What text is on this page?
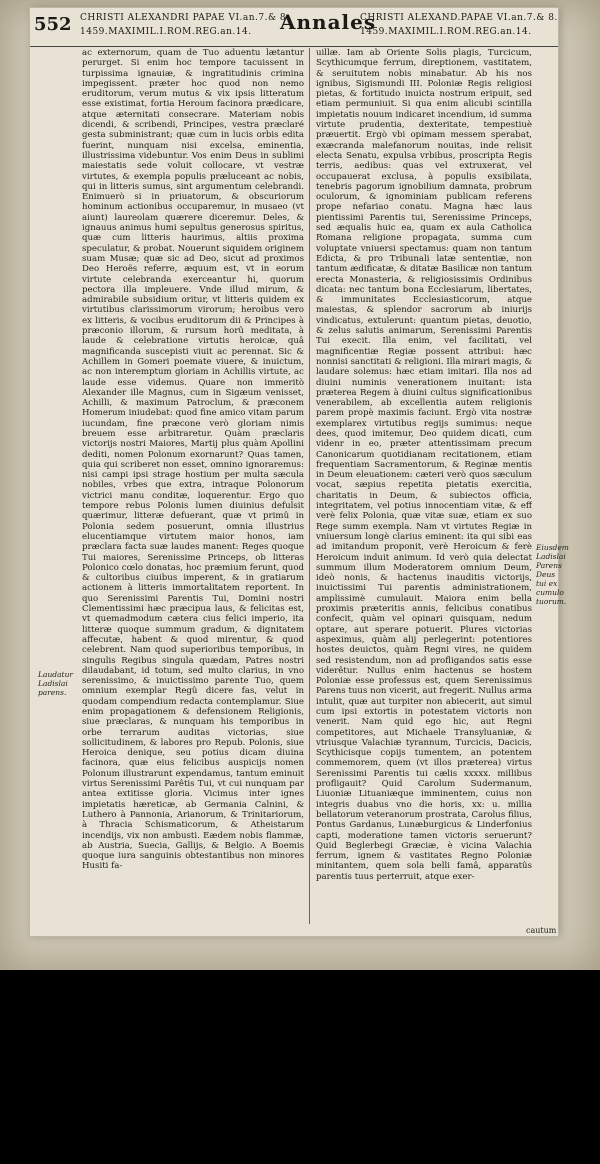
552 CHRISTI ALEXANDRI PAPAE VI.an.7.& 8.
1459.MAXIMIL.I.ROM.REG.an.14.	Annales
CHRISTI ALEXAND.PAPAE VI.an.7.& 8.
1459.MAXIMIL.I.ROM.REG.an.14.
Laudatur Ladislai parens.

ac externorum, quam de Tuo aduentu lætantur perurget. Si enim hoc tempore tacuissent in turpissima ignauiæ, & ingratitudinis crimina impegissent. præter hoc quod non nemo eruditorum, verum mutus & vix ipsis litteratum esse existimat, fortia Heroum facinora prædicare, atque æternitati consecrare. Materiam nobis dicendi, & scribendi, Principes, vestra præclaré gesta subministrant; quæ cum in lucis orbis edita fuerint, nunquam nisi excelsa, eminentia, illustrissima videbuntur. Vos enim Deus in sublimi maiestatis sede voluit collocare, vt vestræ virtutes, & exempla populis præluceant ac nobis, qui in litteris sumus, sint argumentum celebrandi. Enimuerò si in priuatorum, & obscuriorum hominum actionibus occuparemur, in musaeo (vt aiunt) laureolam quærere diceremur. Deles, & ignauus animus humi sepultus generosus spiritus, quæ cum litteris haurimus, altiis proxima speculatur, & probat. Nouerunt siquidem originem suam Musæ; quæ sic ad Deo, sicut ad proximos Deo Heroës referre, æquum est, vt in eorum virtute celebranda exerceantur hi, quorum pectora illa impleuere. Vnde illud mirum, & admirabile subsidium oritur, vt litteris quidem ex virtutibus clarissimorum virorum; heroibus vero ex litteris, & vocibus eruditorum dii & Principes à præconio illorum, & rursum horû meditata, à laude & celebratione virtutis heroicæ, quâ magnificanda suscepisti viuit ac perennat. Sic & Achillem in Gomeri poemate viuere, & inuictum, ac non interemptum gloriam in Achillis virtute, ac laude esse videmus. Quare non immeritò Alexander ille Magnus, cum in Sigæum venisset, Achilli, & maximum Patroclum, & præconem Homerum iniudebat: quod fine amico vitam parum iucundam, fine præcone verò gloriam nimis breuem esse arbitraretur. Quàm præclaris victorijs nostri Maiores, Martij plus quàm Apollini dediti, nomen Polonum exornarunt? Quas tamen, quia qui scriberet non esset, omnino ignoraremus: nisi campi ipsi strage hostium per multa sæcula nobiles, vrbes que extra, intraque Polonorum victrici manu conditæ, loquerentur. Ergo quo tempore rebus Polonis lumen diuinius defulsit quærimur, litteræ defuerant, quæ vt primû in Polonia sedem posuerunt, omnia illustrius elucentiamque virtutem maior honos, iam præclara facta suæ laudes manent: Reges quoque Tui maiores, Serenissime Princeps, ob litteras Polonico cœlo donatas, hoc præmium ferunt, quod & cultoribus ciuibus imperent, & in gratiarum actionem à litteris immortalitatem reportent. In quo Serenissimi Parentis Tui, Domini nostri Clementissimi hæc præcipua laus, & felicitas est, vt quemadmodum cætera cius felici imperio, ita litteræ quoque summum gradum, & dignitatem affecutæ, habent & quod mirentur, & quod celebrent. Nam quod superioribus temporibus, in singulis Regibus singula quædam, Patres nostri dilaudabant, id totum, sed multo clarius, in vno serenissimo, & inuictissimo parente Tuo, quem omnium exemplar Regû dicere fas, velut in quodam compendium redacta contemplamur. Siue enim propagationem & defensionem Religionis, siue præclaras, & nunquam his temporibus in orbe terrarum auditas victorias, siue sollicitudinem, & labores pro Repub. Polonis, siue Heroica denique, seu potius dicam diuina facinora, quæ eius felicibus auspicijs nomen Polonum illustrarunt expendamus, tantum eminuit virtus Serenissimi Parêtis Tui, vt cui nunquam par antea extitisse gloria. Vicimus inter ignes impietatis hæreticæ, ab Germania Calnini, & Luthero à Pannonia, Arianorum, & Trinitariorum, à Thracia Schismaticorum, & Atheistarum incendijs, vix non ambusti. Eædem nobis flammæ, ab Austria, Suecia, Gallijs, & Belgio. A Boemis quoque iura sanguinis obtestantibus non minores Husiti fa-

uillæ. Iam ab Oriente Solis plagis, Turcicum, Scythicumque ferrum, direptionem, vastitatem, & seruitutem nobis minabatur. Ab his nos ignibus, Sigismundi III. Poloniæ Regis religiosi pietas, & fortitudo inuicta nostrum eripuit, sed etiam permuniuit. Si qua enim alicubi scintilla impietatis nouum indicaret incendium, id summa virtute prudentia, dexteritate, tempestiuè præuertit. Ergò vbi opimam messem sperabat, exæcranda malefanorum nouitas, inde relisit electa Senatu, expulsa vrbibus, proscripta Regis terris, aedibus: quas vel extruxerat, vel occupauerat exclusa, à populis exsibilata, tenebris pagorum ignobilium damnata, probrum oculorum, & ignominiam publicam referens prope nefariao conatu. Magna hæc laus pientissimi Parentis tui, Serenissime Princeps, sed æqualis huic ea, quam ex aula Catholica Romana religione propagata, summa cum voluptate vniuersi spectamus: quam non tantum Edicta, & pro Tribunali latæ sententiæ, non tantum ædificatæ, & ditatæ Basilicæ non tantum erecta Monasteria, & religiosissimis Ordinibus dicata: nec tantum bona Ecclesiarum, libertates, & immunitates Ecclesiasticorum, atque maiestas, & splendor sacrorum ab iniurijs vindicatus, extulerunt: quantum pietas, deuotio, & zelus salutis animarum, Serenissimi Parentis Tui execit. Illa enim, vel facilitati, vel magnificentiæ Regiæ possent attribui: hæc nonnisi sanctitati & religioni. Illa mirari magis, & laudare solemus: hæc etiam imitari. Illa nos ad diuini numinis venerationem inuitant: ista præterea Regem à diuini cultus significationibus venerabilem, ab excellentia autem religionis parem propè maximis faciunt. Ergò vita nostræ exemplarex virtutibus regijs sumimus: neque dees, quod imitemur, Deo quidem dicati, cum videnr in eo, præter attentissimam precum Canonicarum quotidianam recitationem, etiam frequentiam Sacramentorum, & Reginæ mentis in Deum eleuationem: cæteri verò quos sæculum vocat, sæpius repetita pietatis exercitia, charitatis in Deum, & subiectos officia, integritatem, vel potius innocentiam vitæ, & eff verè felix Polonia, quæ vitæ suæ, etiam ex suo Rege summ exempla. Nam vt virtutes Regiæ in vniuersum longè clarius eminent: ita qui sibi eas ad imitandum proponit, verè Heroicum & ferè Heroicum induit animum. Id verò quia delectat summum illum Moderatorem omnium Deum, ideò nonis, & hactenus inauditis victorijs, inuictissimi Tui parentis administrationem, amplissimè cumulauit. Maiora enim bella proximis præteritis annis, felicibus conatibus confecit, quàm vel opinari quisquam, nedum optare, aut sperare potuerit. Plures victorias aspeximus, quàm alij perlegerint: potentiores hostes deuictos, quàm Regni vires, ne quidem sed resistendum, non ad profligandos satis esse viderêtur. Nullus enim hactenus se hostem Poloniæ esse professus est, quem Serenissimus Parens tuus non vicerit, aut fregerit. Nullus arma intulit, quæ aut turpiter non abiecerit, aut simul cum ipsi extortis in potestatem victoris non venerit. Nam quid ego hic, aut Regni competitores, aut Michaele Transyluaniæ, & vtriusque Valachiæ tyrannum, Turcicis, Dacicis, Scythicisque copijs tumentem, an potentem commemorem, quem (vt illos præterea) virtus Serenissimi Parentis tui cælis xxxxx. millibus profligauit? Quid Carolum Sudermanum, Liuoniæ Lituaniæque imminentem, cuius non integris duabus vno die horis, xx: u. millia bellatorum veteranorum prostrata, Carolus filius, Pontus Gardanus, Lunæburgicus & Linderfonius capti, moderatione tamen victoris seruerunt? Quid Beglerbegi Græciæ, è vicina Valachia ferrum, ignem & vastitates Regno Poloniæ minitantem, quem sola belli famâ, apparatûs parentis tuus perterruit, atque exer-

Eiusdem Ladislai Parens Deus tui ex cumulo tuorum.
cautum
